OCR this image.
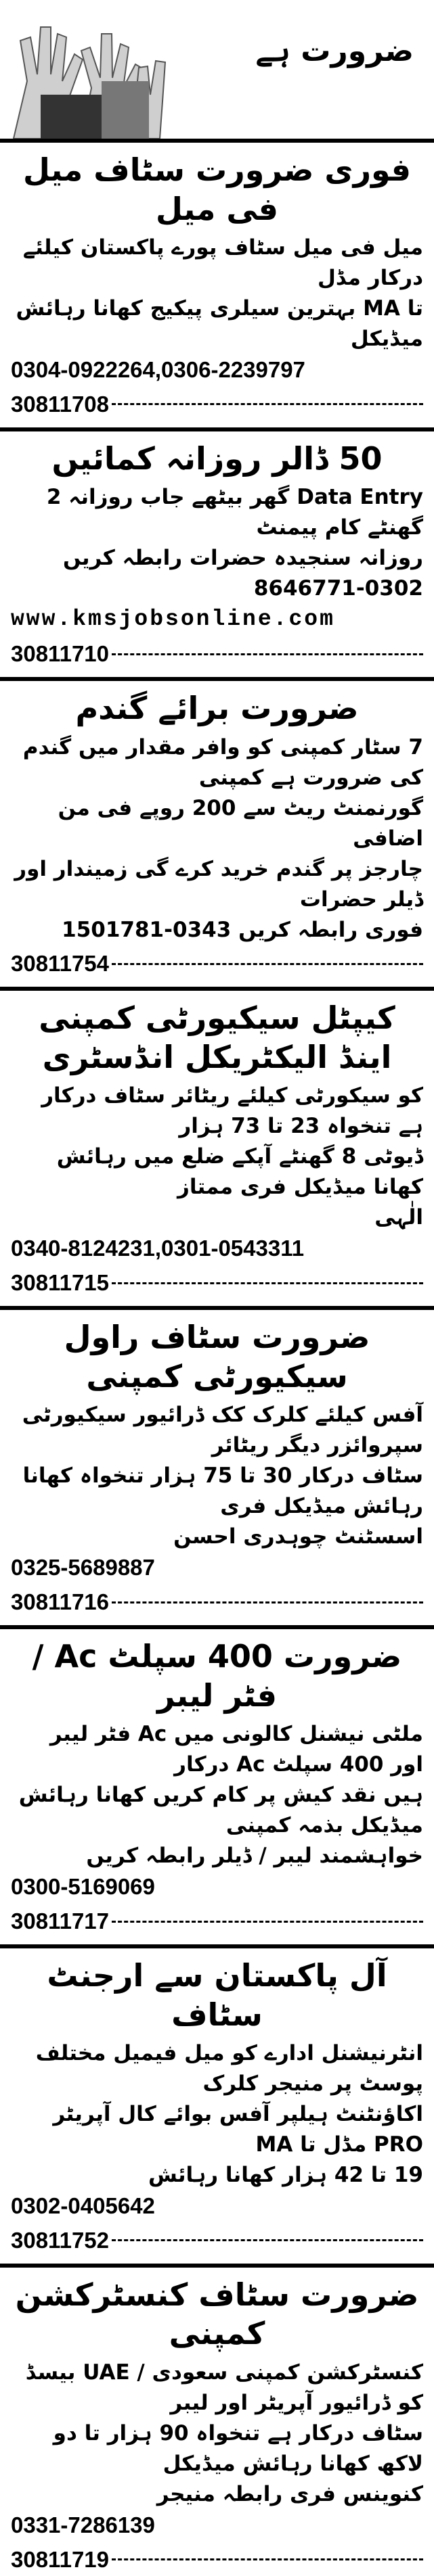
ضرورت ہے
فوری ضرورت سٹاف میل فی میل
میل فی میل سٹاف پورے پاکستان کیلئے درکار مڈل
تا MA بہترین سیلری پیکیج کھانا رہائش میڈیکل
0304-0922264,0306-2239797
30811708
50 ڈالر روزانہ کمائیں
Data Entry گھر بیٹھے جاب روزانہ 2 گھنٹے کام پیمنٹ
روزانہ سنجیدہ حضرات رابطہ کریں 0302-8646771
www.kmsjobsonline.com
30811710
ضرورت برائے گندم
7 سٹار کمپنی کو وافر مقدار میں گندم کی ضرورت ہے کمپنی
گورنمنٹ ریٹ سے 200 روپے فی من اضافی
چارجز پر گندم خرید کرے گی زمیندار اور ڈیلر حضرات
فوری رابطہ کریں 0343-1501781
30811754
کیپٹل سیکیورٹی کمپنی اینڈ الیکٹریکل انڈسٹری
کو سیکورٹی کیلئے ریٹائر سٹاف درکار ہے تنخواہ 23 تا 73 ہزار
ڈیوٹی 8 گھنٹے آپکے ضلع میں رہائش کھانا میڈیکل فری ممتاز
الٰہی
0340-8124231,0301-0543311
30811715
ضرورت سٹاف راول سیکیورٹی کمپنی
آفس کیلئے کلرک کک ڈرائیور سیکیورٹی سپروائزر دیگر ریٹائر
سٹاف درکار 30 تا 75 ہزار تنخواہ کھانا رہائش میڈیکل فری
اسسٹنٹ چوہدری احسن
0325-5689887
30811716
ضرورت 400 سپلٹ Ac / فٹر لیبر
ملٹی نیشنل کالونی میں Ac فٹر لیبر اور 400 سپلٹ Ac درکار
ہیں نقد کیش پر کام کریں کھانا رہائش میڈیکل بذمہ کمپنی
خواہشمند لیبر / ڈیلر رابطہ کریں
0300-5169069
30811717
آل پاکستان سے ارجنٹ سٹاف
انٹرنیشنل ادارے کو میل فیمیل مختلف پوسٹ پر منیجر کلرک
اکاؤنٹنٹ ہیلپر آفس بوائے کال آپریٹر PRO مڈل تا MA
19 تا 42 ہزار کھانا رہائش
0302-0405642
30811752
ضرورت سٹاف کنسٹرکشن کمپنی
کنسٹرکشن کمپنی سعودی / UAE بیسڈ کو ڈرائیور آپریٹر اور لیبر
سٹاف درکار ہے تنخواہ 90 ہزار تا دو لاکھ کھانا رہائش میڈیکل
کنوینس فری رابطہ منیجر
0331-7286139
30811719
